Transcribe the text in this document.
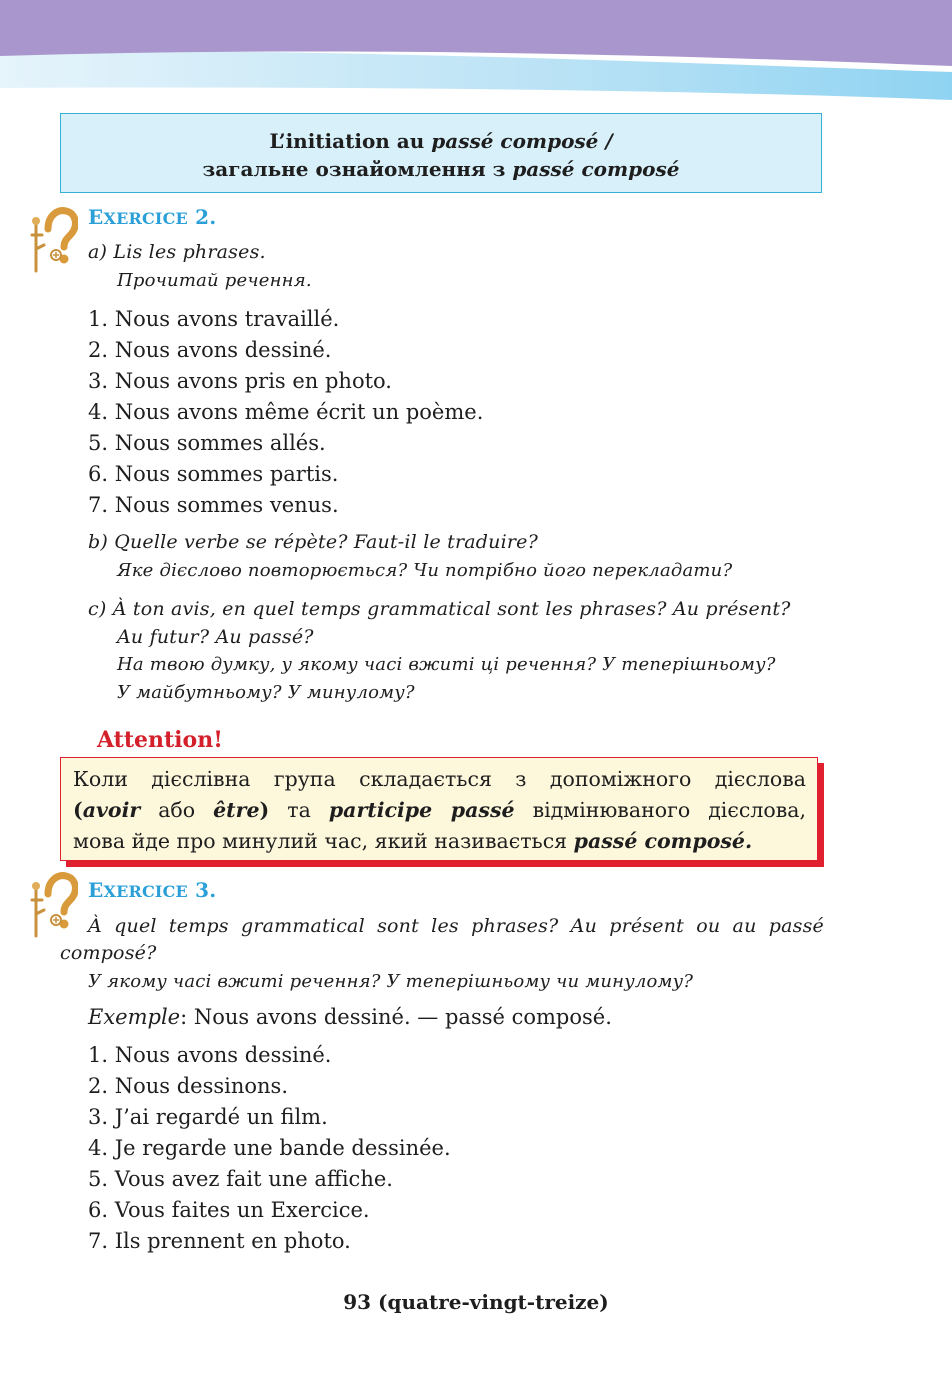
L’initiation au passé composé /
загальне ознайомлення з passé composé
EXERCICE 2.
a) Lis les phrases.
Прочитай речення.
1. Nous avons travaillé.
2. Nous avons dessiné.
3. Nous avons pris en photo.
4. Nous avons même écrit un poème.
5. Nous sommes allés.
6. Nous sommes partis.
7. Nous sommes venus.
b) Quelle verbe se répète? Faut-il le traduire?
Яке дієслово повторюється? Чи потрібно його перекладати?
c) À ton avis, en quel temps grammatical sont les phrases? Au présent?
Au futur? Au passé?
На твою думку, у якому часі вжиті ці речення? У теперішньому?
У майбутньому? У минулому?
Attention!
Коли дієслівна група складається з допоміжного дієслова
(avoir або être) та participe passé відмінюваного дієслова,
мова йде про минулий час, який називається passé composé.
EXERCICE 3.
À quel temps grammatical sont les phrases? Au présent ou au passé
composé?
У якому часі вжиті речення? У теперішньому чи минулому?
Exemple: Nous avons dessiné. — passé composé.
1. Nous avons dessiné.
2. Nous dessinons.
3. J’ai regardé un film.
4. Je regarde une bande dessinée.
5. Vous avez fait une affiche.
6. Vous faites un Exercice.
7. Ils prennent en photo.
93 (quatre-vingt-treize)
